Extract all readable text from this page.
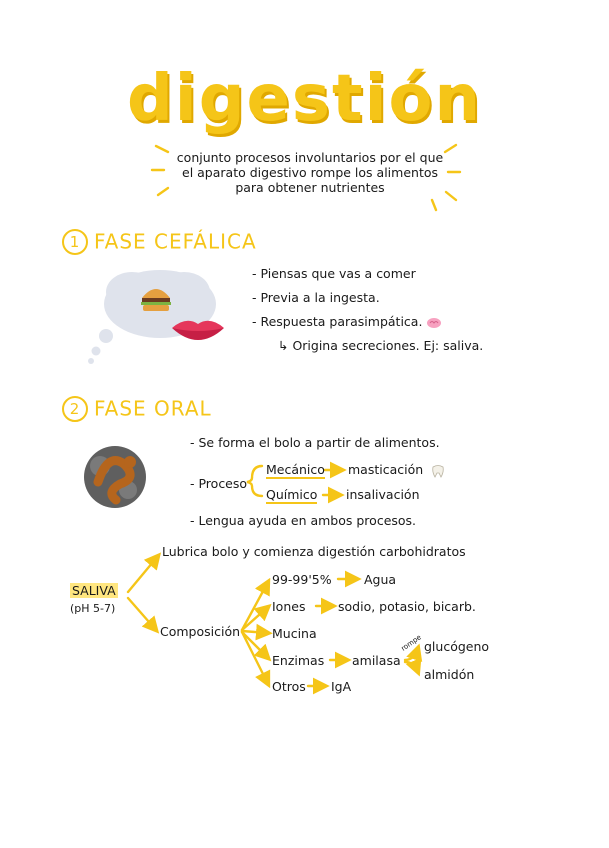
digestión
conjunto procesos involuntarios por el que el aparato digestivo rompe los alimentos para obtener nutrientes
1 FASE CEFÁLICA
- Piensas que vas a comer
- Previa a la ingesta.
- Respuesta parasimpática.
↳ Origina secreciones. Ej: saliva.
2 FASE ORAL
- Se forma el bolo a partir de alimentos.
- Proceso
Mecánico masticación
Químico insalivación
- Lengua ayuda en ambos procesos.
SALIVA
(pH 5-7)
Lubrica bolo y comienza digestión carbohidratos
Composición
99-99'5%	Agua
Iones	sodio, potasio, bicarb.
Mucina
Enzimas amilasa
rompe glucógeno
almidón
Otros IgA
